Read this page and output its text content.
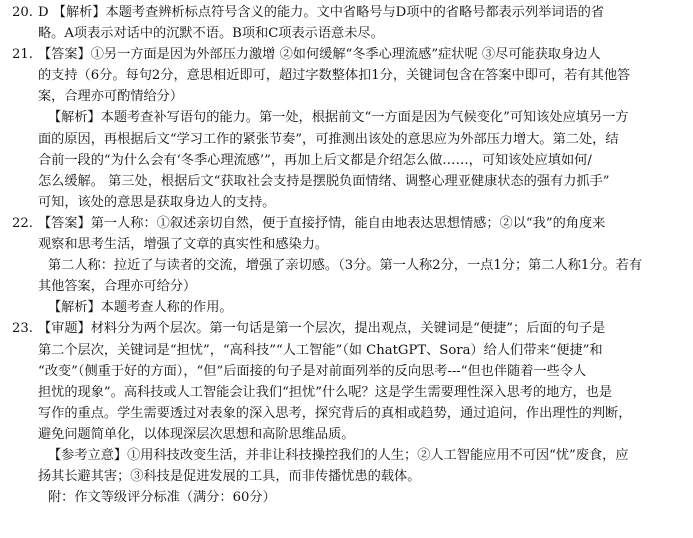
20. D 【解析】本题考查辨析标点符号含义的能力。文中省略号与D项中的省略号都表示列举词语的省
略。A项表示对话中的沉默不语。B项和C项表示语意未尽。
21. 【答案】①另一方面是因为外部压力激增 ②如何缓解“冬季心理流感”症状呢 ③尽可能获取身边人
的支持（6分。每句2分，意思相近即可，超过字数整体扣1分，关键词包含在答案中即可，若有其他答
案，合理亦可酌情给分）
【解析】本题考查补写语句的能力。第一处，根据前文“一方面是因为气候变化”可知该处应填另一方
面的原因，再根据后文“学习工作的紧张节奏”，可推测出该处的意思应为外部压力增大。第二处，结
合前一段的“为什么会有‘冬季心理流感’”，再加上后文都是介绍怎么做……，可知该处应填如何/
怎么缓解。 第三处，根据后文“获取社会支持是摆脱负面情绪、调整心理亚健康状态的强有力抓手”
可知，该处的意思是获取身边人的支持。
22. 【答案】第一人称：①叙述亲切自然，便于直接抒情，能自由地表达思想情感；②以“我”的角度来
观察和思考生活，增强了文章的真实性和感染力。
第二人称：拉近了与读者的交流，增强了亲切感。（3分。第一人称2分，一点1分；第二人称1分。若有
其他答案，合理亦可给分）
【解析】本题考查人称的作用。
23. 【审题】材料分为两个层次。第一句话是第一个层次，提出观点，关键词是“便捷”；后面的句子是
第二个层次，关键词是“担忧”，“高科技”“人工智能”（如 ChatGPT、Sora）给人们带来“便捷”和
“改变”（侧重于好的方面），“但”后面接的句子是对前面列举的反向思考---“但也伴随着一些令人
担忧的现象”。高科技或人工智能会让我们“担忧”什么呢？这是学生需要理性深入思考的地方，也是
写作的重点。学生需要透过对表象的深入思考，探究背后的真相或趋势，通过追问，作出理性的判断，
避免问题简单化，以体现深层次思想和高阶思维品质。
【参考立意】①用科技改变生活，并非让科技操控我们的人生；②人工智能应用不可因“忧”废食，应
扬其长避其害；③科技是促进发展的工具，而非传播忧患的载体。
附：作文等级评分标准（满分：60分）
